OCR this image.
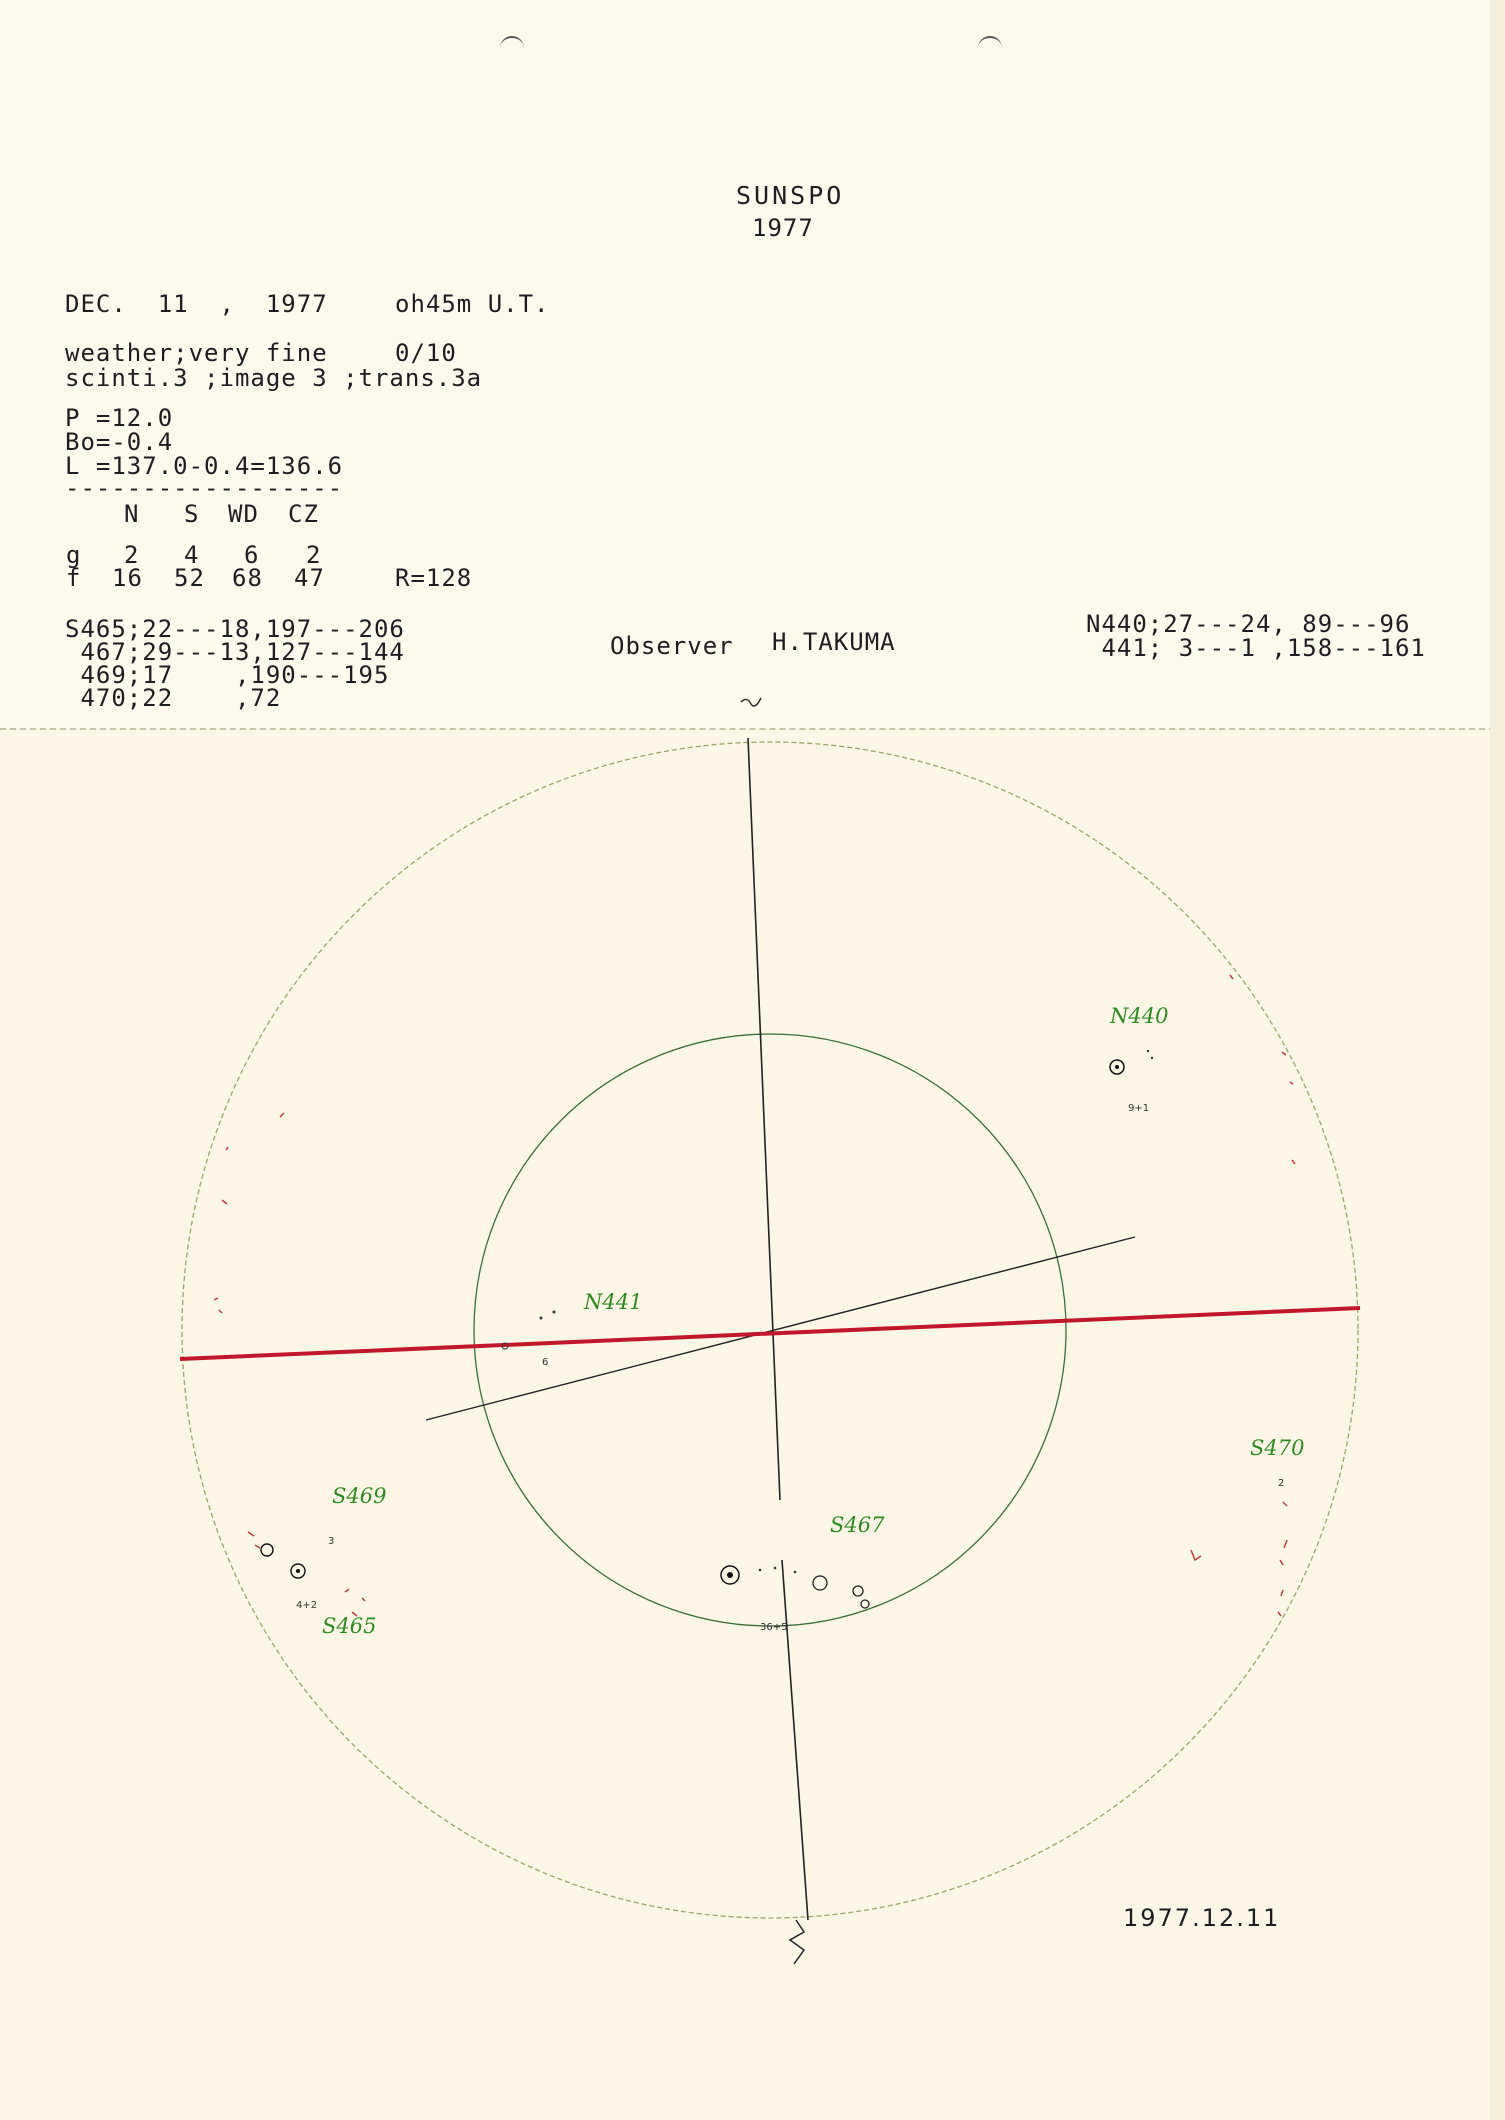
SUNSPO
1977
DEC.  11  ,  1977	oh45m U.T.
weather;very fine	0/10
scinti.3 ;image 3 ;trans.3a
P =12.0
Bo=-0.4
L =137.0-0.4=136.6
------------------
N S WD CZ
g 2 4 6 2
f 16 52 68 47	R=128
S465;22---18,197---206
467;29---13,127---144
469;17    ,190---195
470;22    ,72
Observer H.TAKUMA
N440;27---24, 89---96
441; 3---1 ,158---161
N440
N441
S465
S467
S469
S470
9+1
6
4+2
36+5
3
2
1977.12.11
